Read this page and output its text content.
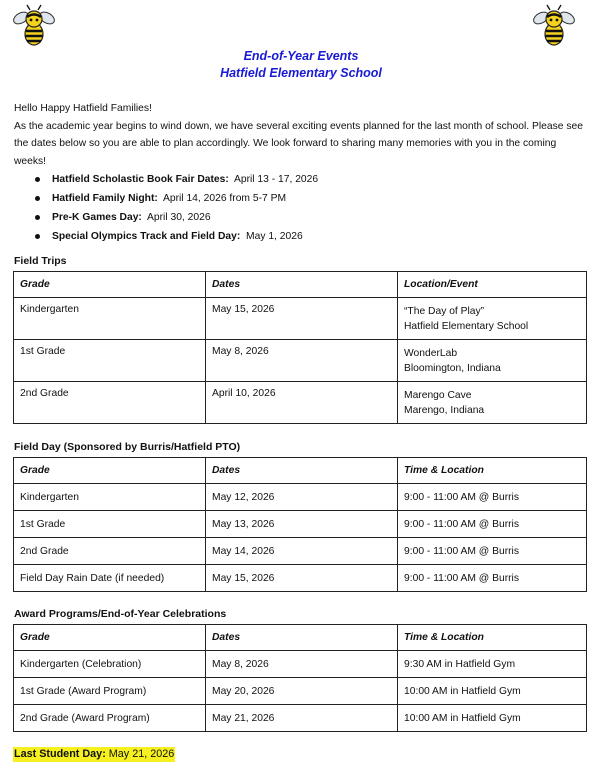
End-of-Year Events
Hatfield Elementary School

Hello Happy Hatfield Families!

As the academic year begins to wind down, we have several exciting events planned for the last month of school. Please see the dates below so you are able to plan accordingly. We look forward to sharing many memories with you in the coming weeks!

Hatfield Scholastic Book Fair Dates: April 13 - 17, 2026
Hatfield Family Night: April 14, 2026 from 5-7 PM
Pre-K Games Day: April 30, 2026
Special Olympics Track and Field Day: May 1, 2026
Field Trips
Grade	Dates	Location/Event
Kindergarten	May 15, 2026	“The Day of Play”
Hatfield Elementary School

1st Grade	May 8, 2026	WonderLab
Bloomington, Indiana

2nd Grade	April 10, 2026	Marengo Cave
Marengo, Indiana
Field Day (Sponsored by Burris/Hatfield PTO)
Grade	Dates	Time & Location
Kindergarten	May 12, 2026	9:00 - 11:00 AM @ Burris
1st Grade	May 13, 2026	9:00 - 11:00 AM @ Burris
2nd Grade	May 14, 2026	9:00 - 11:00 AM @ Burris
Field Day Rain Date (if needed)	May 15, 2026	9:00 - 11:00 AM @ Burris
Award Programs/End-of-Year Celebrations
Grade	Dates	Time & Location
Kindergarten (Celebration)	May 8, 2026	9:30 AM in Hatfield Gym
1st Grade (Award Program)	May 20, 2026	10:00 AM in Hatfield Gym
2nd Grade (Award Program)	May 21, 2026	10:00 AM in Hatfield Gym
Last Student Day: May 21, 2026
